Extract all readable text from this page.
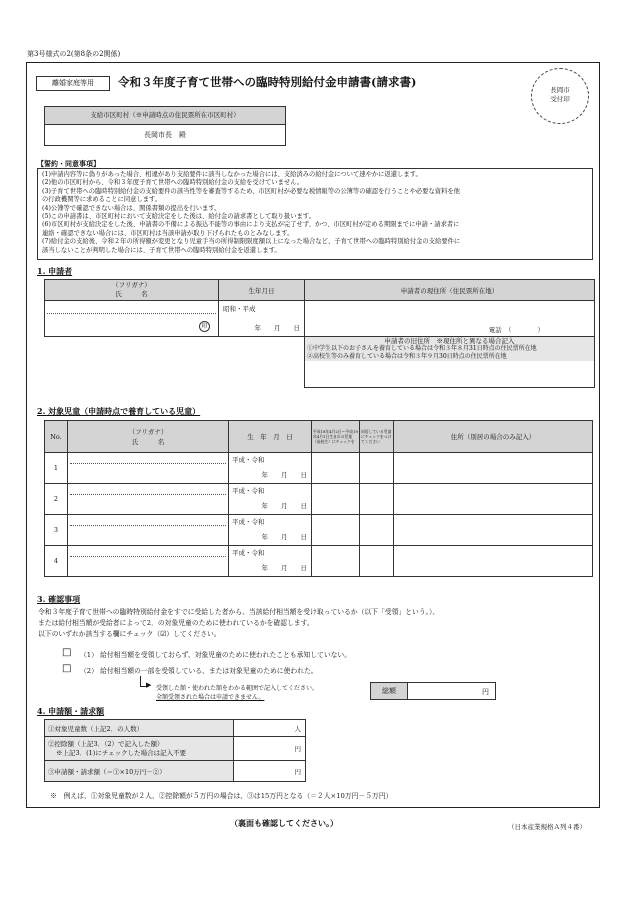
第3号様式の2(第8条の2関係)
離婚家庭等用	令和３年度子育て世帯への臨時特別給付金申請書(請求書)
長岡市
受付印
支給市区町村（※申請時点の住民票所在市区町村）
長岡市長　殿
【誓約・同意事項】

(1)申請内容等に偽りがあった場合、相違があり支給要件に該当しなかった場合には、支給済みの給付金について速やかに返還します。

(2)他の市区町村から、令和３年度子育て世帯への臨時特別給付金の支給を受けていません。

(3)子育て世帯への臨時特別給付金の支給要件の該当性等を審査等するため、市区町村が必要な税情報等の公簿等の確認を行うことや必要な資料を他

の行政機関等に求めることに同意します。

(4)公簿等で確認できない場合は、関係書類の提出を行います。

(5)この申請書は、市区町村において支給決定をした後は、給付金の請求書として取り扱います。

(6)市区町村が支給決定をした後、申請書の不備による振込不能等の事由により支払が完了せず、かつ、市区町村が定める期限までに申請・請求者に

連絡・確認できない場合には、市区町村は当該申請が取り下げられたものとみなします。

(7)給付金の支給後、令和２年の所得額が変更となり児童手当の所得制限限度額以上になった場合など、子育て世帯への臨時特別給付金の支給要件に

該当しないことが判明した場合には、子育て世帯への臨時特別給付金を返還します。

1. 申請者
（フリガナ）
氏　　　名	生年月日	申請者の現住所（住民票所在地）

印	昭和・平成
年　　月　　日	電話　（　　　　）

		申請者の旧住所　※現住所と異なる場合記入
①中学生以下のお子さんを養育している場合は令和３年８月31日時点の住民票所在地
②高校生等のみ養育している場合は令和３年９月30日時点の住民票所在地
2. 対象児童（申請時点で養育している児童）
No.	（フリガナ）
氏　　　名	生　年　月　日	平成18年4月2日～平成19年4月1日生まれの児童（高校生）にチェックを	同居している児童にチェックをつけてください	住所（別居の場合のみ記入）
1		平成・令和
年　　月　　日			

2		平成・令和
年　　月　　日			

3		平成・令和
年　　月　　日			

4		平成・令和
年　　月　　日			

3. 確認事項
令和３年度子育て世帯への臨時特別給付金をすでに受給した者から、当該給付相当額を受け取っているか（以下「受領」という。）、
または給付相当額が受給者によって2．の対象児童のために使われているかを確認します。
以下のいずれか該当する欄にチェック（☑）してください。
□ （1） 給付相当額を受領しておらず、対象児童のために使われたことも承知していない。
□ （2） 給付相当額の一部を受領している、または対象児童のために使われた。
▶ 受領した額・使われた額をわかる範囲で記入してください。
全額受領された場合は申請できません。
総額	円
4. 申請額・請求額
①対象児童数（上記2．の人数）	人

②控除額（上記3．（2）で記入した額）
※上記3．(1)にチェックした場合は記入不要	円
③申請額・請求額（＝①×10万円－②）	円
※　例えば、①対象児童数が２人、②控除額が５万円の場合は、③は15万円となる（＝２人×10万円－５万円）
（裏面も確認してください。）	（日本産業規格Ａ列４番）
